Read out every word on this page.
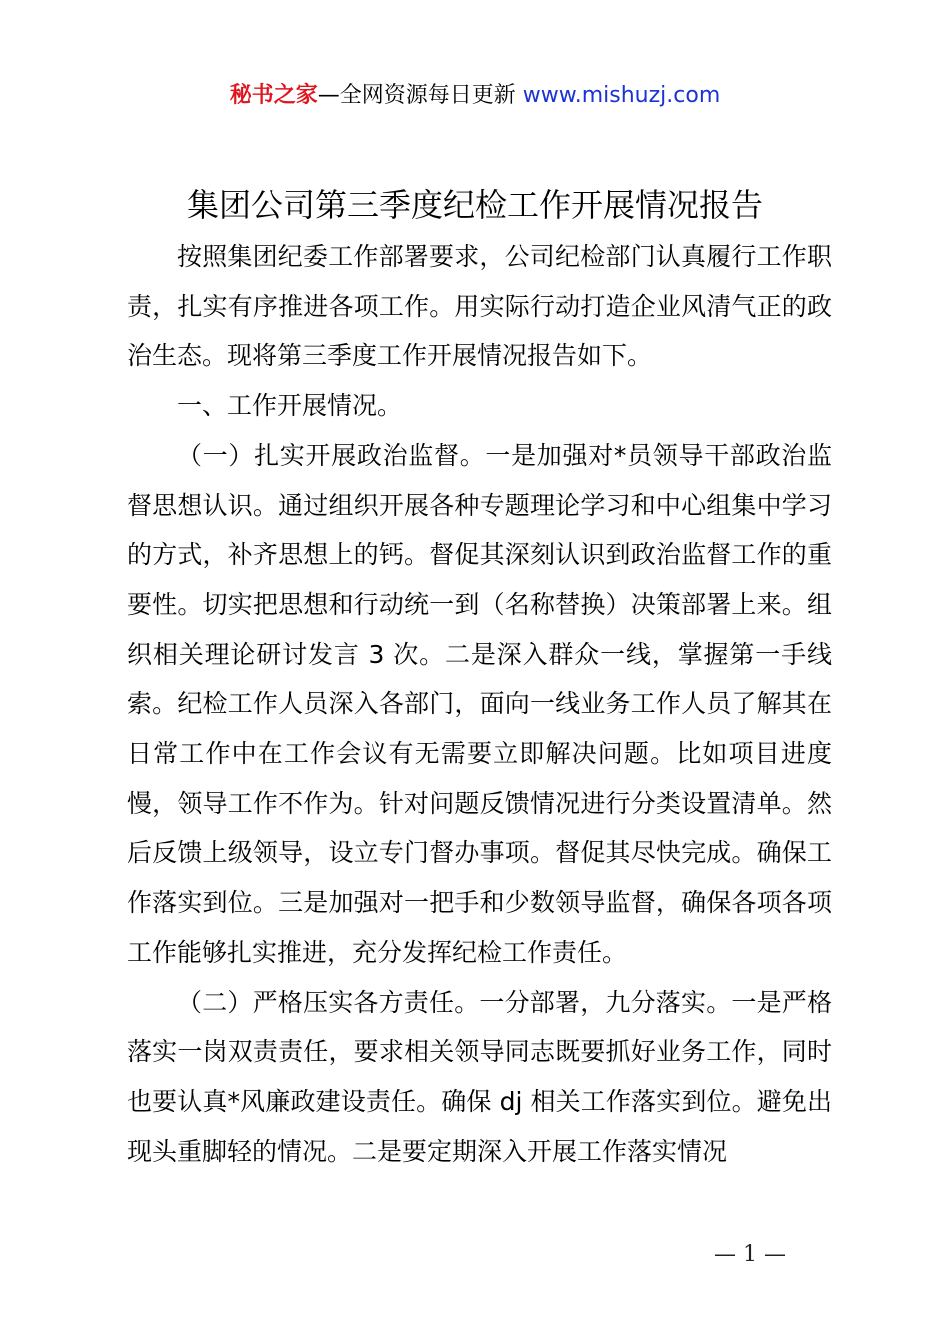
秘书之家—全网资源每日更新 www.mishuzj.com
集团公司第三季度纪检工作开展情况报告

按照集团纪委工作部署要求，公司纪检部门认真履行工作职责，扎实有序推进各项工作。用实际行动打造企业风清气正的政治生态。现将第三季度工作开展情况报告如下。

一、工作开展情况。

（一）扎实开展政治监督。一是加强对*员领导干部政治监督思想认识。通过组织开展各种专题理论学习和中心组集中学习的方式，补齐思想上的钙。督促其深刻认识到政治监督工作的重要性。切实把思想和行动统一到（名称替换）决策部署上来。组织相关理论研讨发言 3 次。二是深入群众一线，掌握第一手线索。纪检工作人员深入各部门，面向一线业务工作人员了解其在日常工作中在工作会议有无需要立即解决问题。比如项目进度慢，领导工作不作为。针对问题反馈情况进行分类设置清单。然后反馈上级领导，设立专门督办事项。督促其尽快完成。确保工作落实到位。三是加强对一把手和少数领导监督，确保各项各项工作能够扎实推进，充分发挥纪检工作责任。

（二）严格压实各方责任。一分部署，九分落实。一是严格落实一岗双责责任，要求相关领导同志既要抓好业务工作，同时也要认真*风廉政建设责任。确保 dj 相关工作落实到位。避免出现头重脚轻的情况。二是要定期深入开展工作落实情况

— 1 —
